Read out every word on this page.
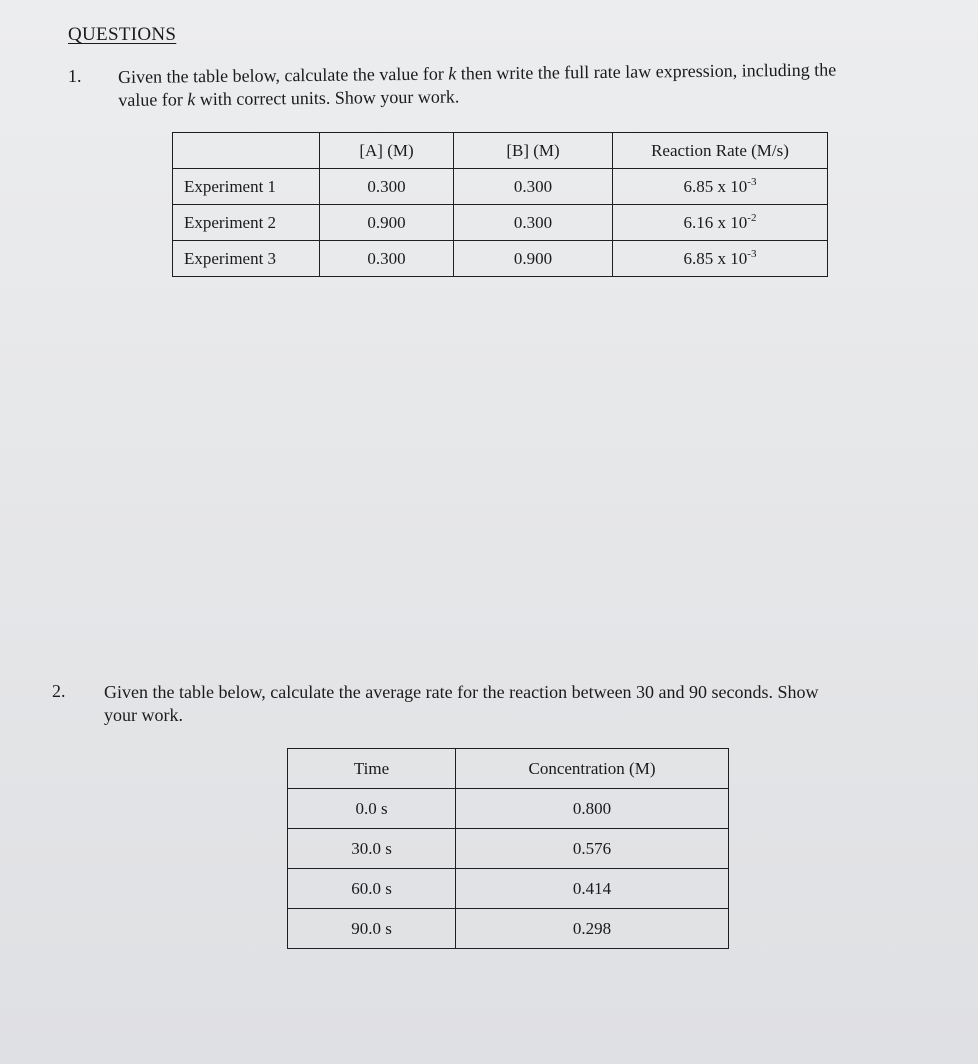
QUESTIONS
1. Given the table below, calculate the value for k then write the full rate law expression, including the
value for k with correct units. Show your work.
	[A] (M)	[B] (M)	Reaction Rate (M/s)
Experiment 1	0.300	0.300	6.85 x $10^{-3}$
Experiment 2	0.900	0.300	6.16 x $10^{-2}$
Experiment 3	0.300	0.900	6.85 x $10^{-3}$
2. Given the table below, calculate the average rate for the reaction between 30 and 90 seconds. Show
your work.
Time	Concentration (M)
0.0 s	0.800
30.0 s	0.576
60.0 s	0.414
90.0 s	0.298
